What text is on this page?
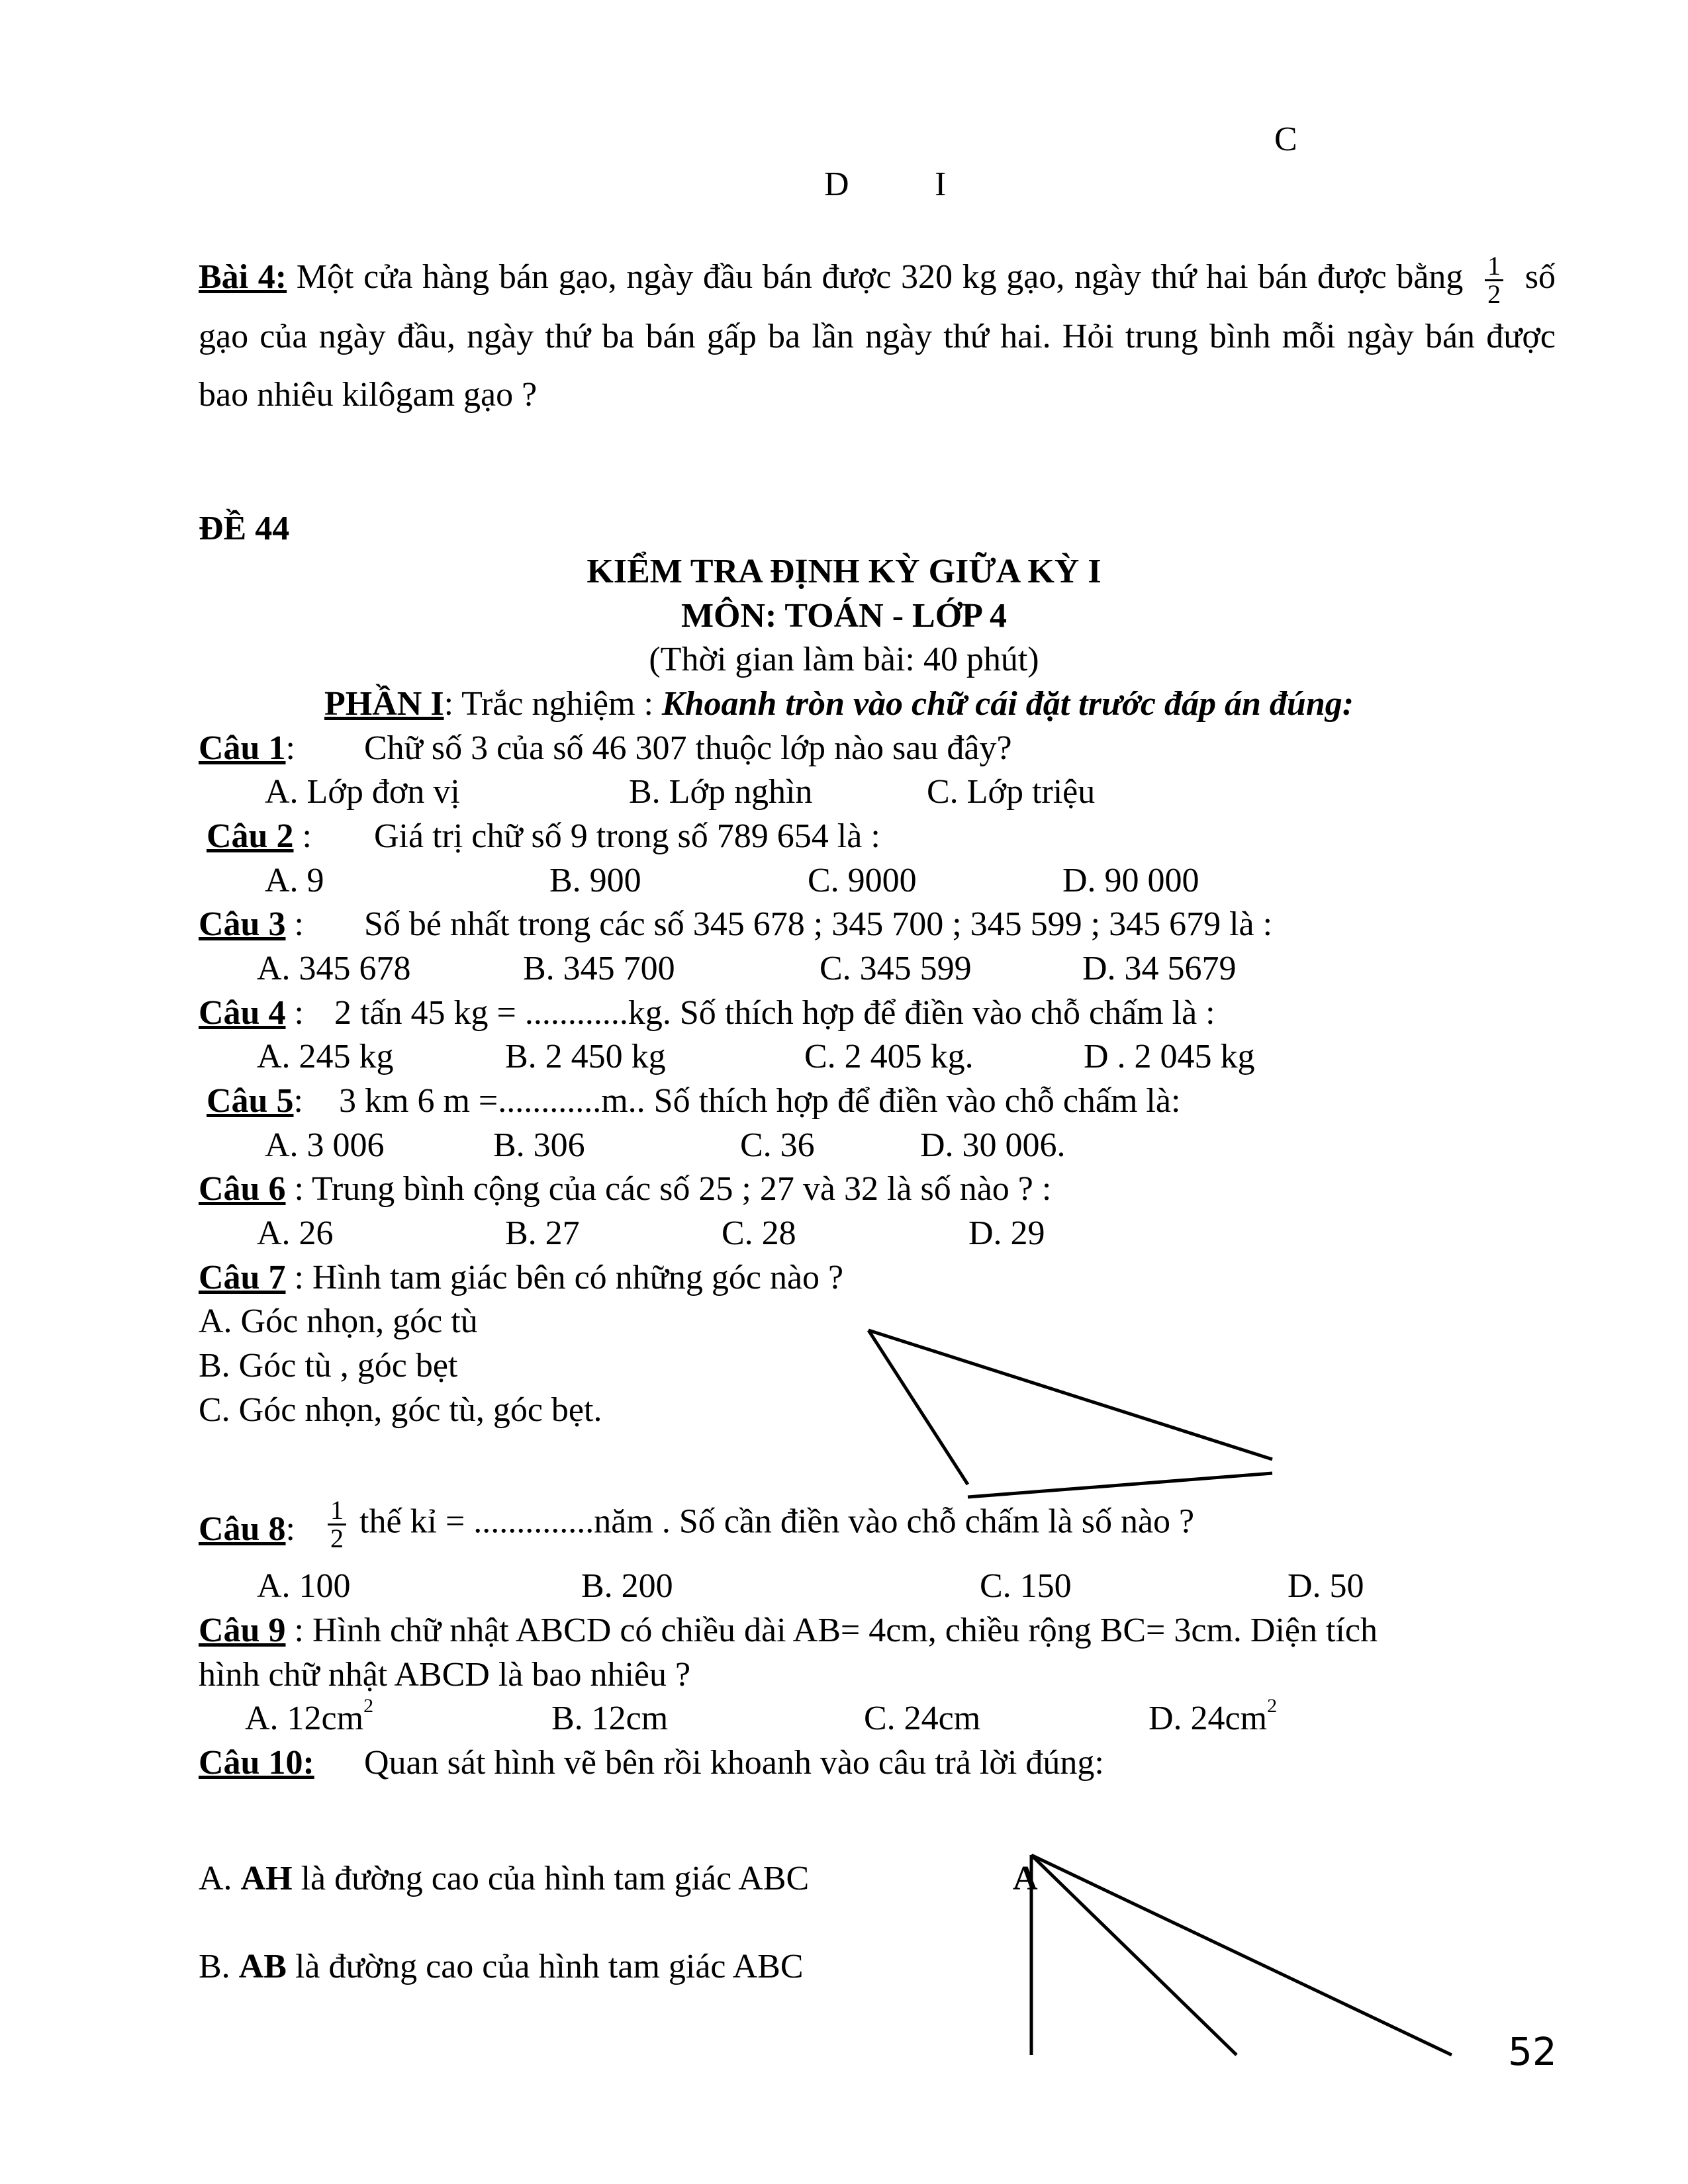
C
D I
Bài 4: Một cửa hàng bán gạo, ngày đầu bán được 320 kg gạo, ngày thứ hai bán được bằng $\frac{1}{2}$ số gạo của ngày đầu, ngày thứ ba bán gấp ba lần ngày thứ hai. Hỏi trung bình mỗi ngày bán được bao nhiêu kilôgam gạo ?
ĐỀ 44
KIỂM TRA ĐỊNH KỲ GIỮA KỲ I
MÔN: TOÁN - LỚP 4
(Thời gian làm bài: 40 phút)
PHẦN I: Trắc nghiệm : Khoanh tròn vào chữ cái đặt trước đáp án đúng:
Câu 1: Chữ số 3 của số 46 307 thuộc lớp nào sau đây?
A. Lớp đơn vị	B. Lớp nghìn	C. Lớp triệu
Câu 2 : Giá trị chữ số 9 trong số 789 654 là :
A. 9	B. 900	C. 9000	D. 90 000
Câu 3 : Số bé nhất trong các số 345 678 ; 345 700 ; 345 599 ; 345 679 là :
A. 345 678	B. 345 700	C. 345 599	D. 34 5679
Câu 4 : 2 tấn 45 kg = ............kg. Số thích hợp để điền vào chỗ chấm là :
A. 245 kg	B. 2 450 kg	C. 2 405 kg.	D . 2 045 kg
Câu 5: 3 km 6 m =............m.. Số thích hợp để điền vào chỗ chấm là:
A. 3 006	B. 306	C. 36	D. 30 006.
Câu 6 : Trung bình cộng của các số 25 ; 27 và 32 là số nào ? :
A. 26	B. 27	C. 28	D. 29
Câu 7 : Hình tam giác bên có những góc nào ?
A. Góc nhọn, góc tù
B. Góc tù , góc bẹt
C. Góc nhọn, góc tù, góc bẹt.
Câu 8: $\frac{1}{2}$ thế kỉ = ..............năm . Số cần điền vào chỗ chấm là số nào ?
A. 100	B. 200	C. 150	D. 50
Câu 9 : Hình chữ nhật ABCD có chiều dài AB= 4cm, chiều rộng BC= 3cm. Diện tích
hình chữ nhật ABCD là bao nhiêu ?
A. $12cm^2$	B. 12cm	C. 24cm	D. $24cm^2$
Câu 10: Quan sát hình vẽ bên rồi khoanh vào câu trả lời đúng:
A. AH là đường cao của hình tam giác ABC
B. AB là đường cao của hình tam giác ABC
A
52
